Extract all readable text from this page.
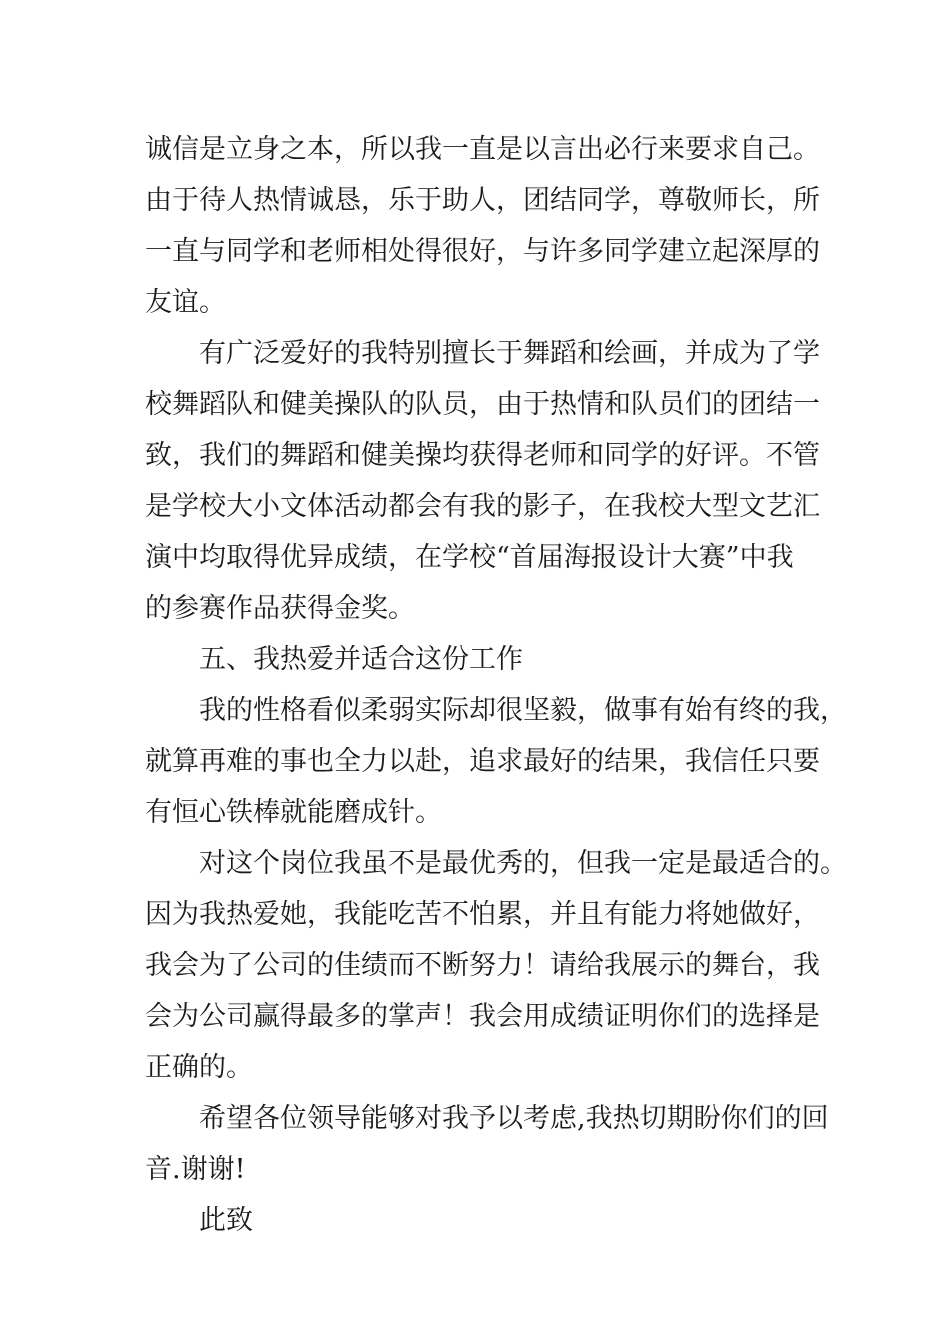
诚信是立身之本，所以我一直是以言出必行来要求自己。
由于待人热情诚恳，乐于助人，团结同学，尊敬师长，所
一直与同学和老师相处得很好，与许多同学建立起深厚的
友谊。
有广泛爱好的我特别擅长于舞蹈和绘画，并成为了学
校舞蹈队和健美操队的队员，由于热情和队员们的团结一
致，我们的舞蹈和健美操均获得老师和同学的好评。不管
是学校大小文体活动都会有我的影子，在我校大型文艺汇
演中均取得优异成绩，在学校“首届海报设计大赛”中我
的参赛作品获得金奖。
五、我热爱并适合这份工作
我的性格看似柔弱实际却很坚毅，做事有始有终的我，
就算再难的事也全力以赴，追求最好的结果，我信任只要
有恒心铁棒就能磨成针。
对这个岗位我虽不是最优秀的，但我一定是最适合的。
因为我热爱她，我能吃苦不怕累，并且有能力将她做好，
我会为了公司的佳绩而不断努力！请给我展示的舞台，我
会为公司赢得最多的掌声！我会用成绩证明你们的选择是
正确的。
希望各位领导能够对我予以考虑,我热切期盼你们的回
音.谢谢!
此致
